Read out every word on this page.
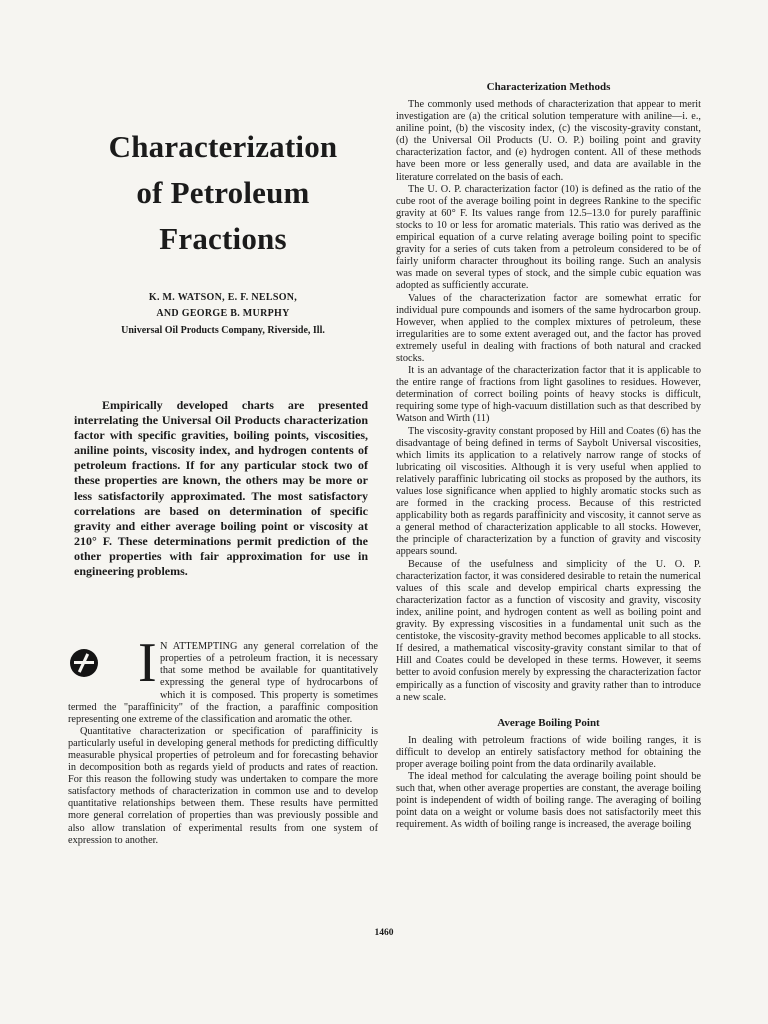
Characterization
of Petroleum
Fractions
K. M. WATSON, E. F. NELSON,
AND GEORGE B. MURPHY
Universal Oil Products Company, Riverside, Ill.

Empirically developed charts are presented interrelating the Universal Oil Products characterization factor with specific gravities, boiling points, viscosities, aniline points, viscosity index, and hydrogen contents of petroleum fractions. If for any particular stock two of these properties are known, the others may be more or less satisfactorily approximated. The most satisfactory correlations are based on determination of specific gravity and either average boiling point or viscosity at 210° F. These determinations permit prediction of the other properties with fair approximation for use in engineering problems.

I N ATTEMPTING any general correlation of the properties of a petroleum fraction, it is necessary that some method be available for quantitatively expressing the general type of hydrocarbons of which it is composed. This property is sometimes termed the "paraffinicity" of the fraction, a paraffinic composition representing one extreme of the classification and aromatic the other.

Quantitative characterization or specification of paraffinicity is particularly useful in developing general methods for predicting difficultly measurable physical properties of petroleum and for forecasting behavior in decomposition both as regards yield of products and rates of reaction. For this reason the following study was undertaken to compare the more satisfactory methods of characterization in common use and to develop quantitative relationships between them. These results have permitted more general correlation of properties than was previously possible and also allow translation of experimental results from one system of expression to another.

Characterization Methods

The commonly used methods of characterization that appear to merit investigation are (a) the critical solution temperature with aniline—i. e., aniline point, (b) the viscosity index, (c) the viscosity-gravity constant, (d) the Universal Oil Products (U. O. P.) boiling point and gravity characterization factor, and (e) hydrogen content. All of these methods have been more or less generally used, and data are available in the literature correlated on the basis of each.

The U. O. P. characterization factor (10) is defined as the ratio of the cube root of the average boiling point in degrees Rankine to the specific gravity at 60° F. Its values range from 12.5–13.0 for purely paraffinic stocks to 10 or less for aromatic materials. This ratio was derived as the empirical equation of a curve relating average boiling point to specific gravity for a series of cuts taken from a petroleum considered to be of fairly uniform character throughout its boiling range. Such an analysis was made on several types of stock, and the simple cubic equation was adopted as sufficiently accurate.

Values of the characterization factor are somewhat erratic for individual pure compounds and isomers of the same hydrocarbon group. However, when applied to the complex mixtures of petroleum, these irregularities are to some extent averaged out, and the factor has proved extremely useful in dealing with fractions of both natural and cracked stocks.

It is an advantage of the characterization factor that it is applicable to the entire range of fractions from light gasolines to residues. However, determination of correct boiling points of heavy stocks is difficult, requiring some type of high-vacuum distillation such as that described by Watson and Wirth (11)

The viscosity-gravity constant proposed by Hill and Coates (6) has the disadvantage of being defined in terms of Saybolt Universal viscosities, which limits its application to a relatively narrow range of stocks of lubricating oil viscosities. Although it is very useful when applied to relatively paraffinic lubricating oil stocks as proposed by the authors, its values lose significance when applied to highly aromatic stocks such as are formed in the cracking process. Because of this restricted applicability both as regards paraffinicity and viscosity, it cannot serve as a general method of characterization applicable to all stocks. However, the principle of characterization by a function of gravity and viscosity appears sound.

Because of the usefulness and simplicity of the U. O. P. characterization factor, it was considered desirable to retain the numerical values of this scale and develop empirical charts expressing the characterization factor as a function of viscosity and gravity, viscosity index, aniline point, and hydrogen content as well as boiling point and gravity. By expressing viscosities in a fundamental unit such as the centistoke, the viscosity-gravity method becomes applicable to all stocks. If desired, a mathematical viscosity-gravity constant similar to that of Hill and Coates could be developed in these terms. However, it seems better to avoid confusion merely by expressing the characterization factor empirically as a function of viscosity and gravity rather than to introduce a new scale.

Average Boiling Point

In dealing with petroleum fractions of wide boiling ranges, it is difficult to develop an entirely satisfactory method for obtaining the proper average boiling point from the data ordinarily available.

The ideal method for calculating the average boiling point should be such that, when other average properties are constant, the average boiling point is independent of width of boiling range. The averaging of boiling point data on a weight or volume basis does not satisfactorily meet this requirement. As width of boiling range is increased, the average boiling

1460
